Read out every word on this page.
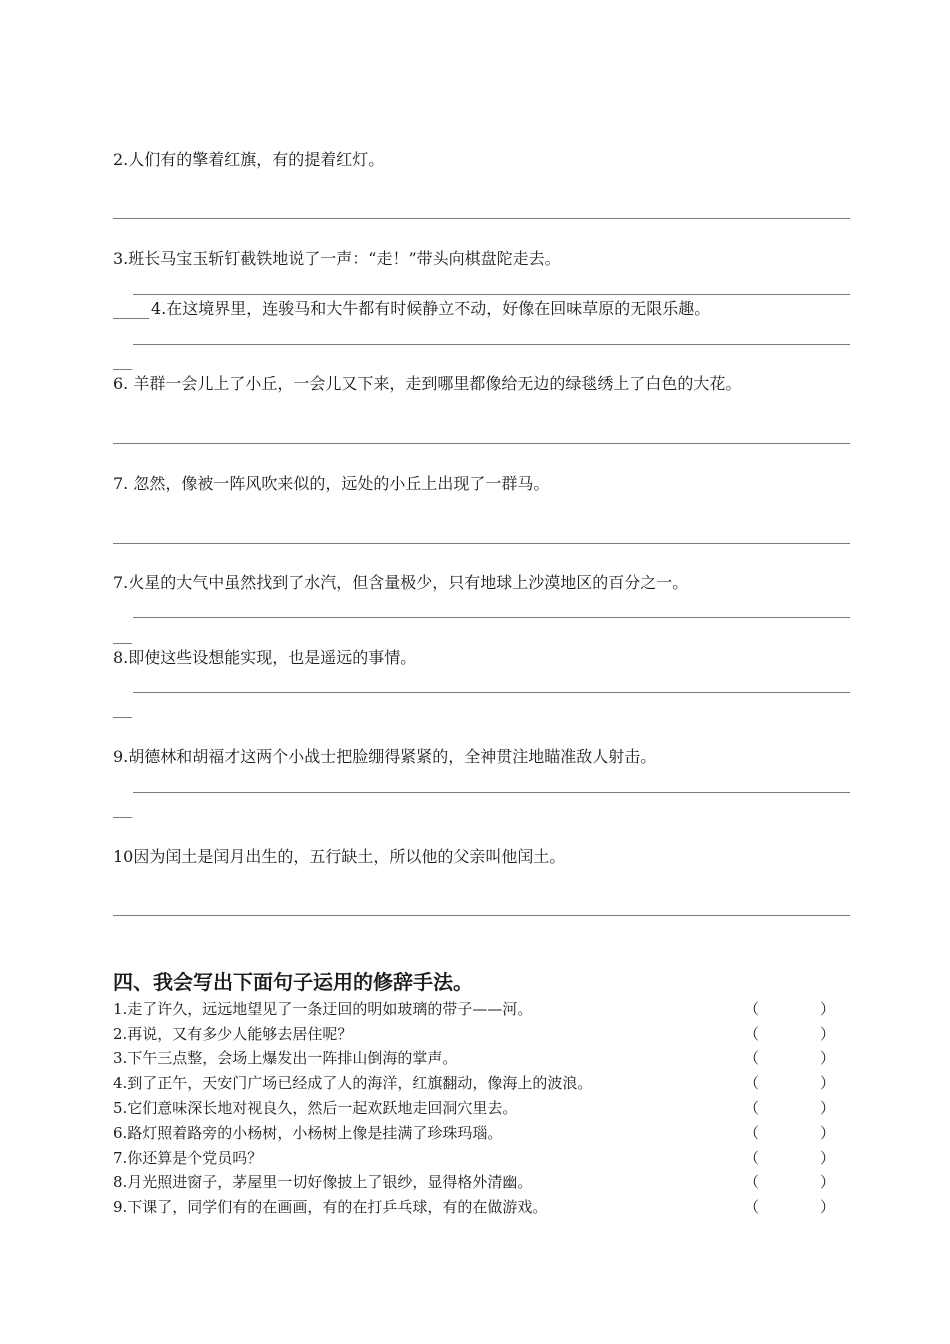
2.人们有的擎着红旗，有的提着红灯。
3.班长马宝玉斩钉截铁地说了一声：“走！”带头向棋盘陀走去。
4.在这境界里，连骏马和大牛都有时候静立不动，好像在回味草原的无限乐趣。
6. 羊群一会儿上了小丘，一会儿又下来，走到哪里都像给无边的绿毯绣上了白色的大花。
7. 忽然，像被一阵风吹来似的，远处的小丘上出现了一群马。
7.火星的大气中虽然找到了水汽，但含量极少，只有地球上沙漠地区的百分之一。
8.即使这些设想能实现，也是遥远的事情。
9.胡德林和胡福才这两个小战士把脸绷得紧紧的，全神贯注地瞄准敌人射击。
10因为闰土是闰月出生的，五行缺土，所以他的父亲叫他闰土。
四、我会写出下面句子运用的修辞手法。
1.走了许久，远远地望见了一条迂回的明如玻璃的带子——河。	（	）
2.再说，又有多少人能够去居住呢？	（	）
3.下午三点整，会场上爆发出一阵排山倒海的掌声。	（	）
4.到了正午，天安门广场已经成了人的海洋，红旗翻动，像海上的波浪。	（	）
5.它们意味深长地对视良久，然后一起欢跃地走回洞穴里去。	（	）
6.路灯照着路旁的小杨树，小杨树上像是挂满了珍珠玛瑙。	（	）
7.你还算是个党员吗？	（	）
8.月光照进窗子，茅屋里一切好像披上了银纱，显得格外清幽。	（	）
9.下课了，同学们有的在画画，有的在打乒乓球，有的在做游戏。	（	）
